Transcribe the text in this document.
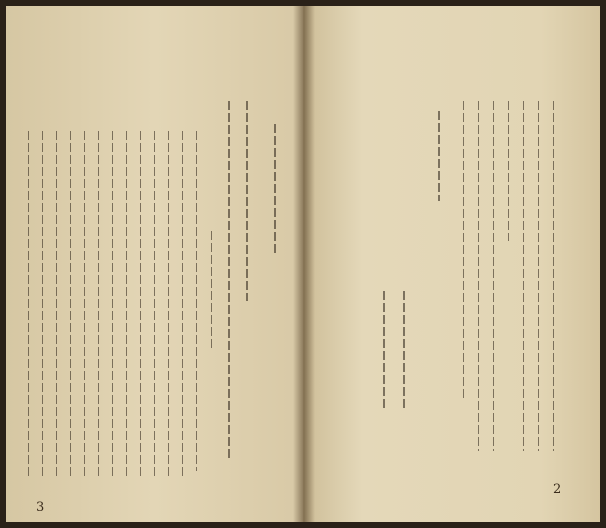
3
2
